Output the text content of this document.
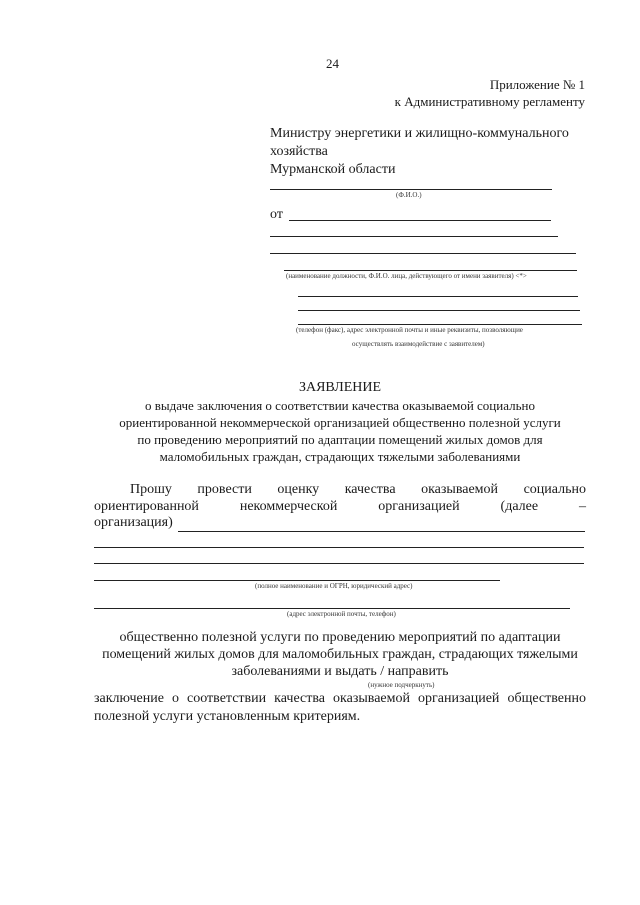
24
Приложение № 1
к Административному регламенту
Министру энергетики и жилищно-коммунального
хозяйства
Мурманской области
(Ф.И.О.)
от
(наименование должности, Ф.И.О. лица, действующего от имени заявителя) <*>
(телефон (факс), адрес электронной почты и иные реквизиты, позволяющие
осуществлять взаимодействие с заявителем)
ЗАЯВЛЕНИЕ
о выдаче заключения о соответствии качества оказываемой социально
ориентированной некоммерческой организацией общественно полезной услуги
по проведению мероприятий по адаптации помещений жилых домов для
маломобильных граждан, страдающих тяжелыми заболеваниями
Прошу провести оценку качества оказываемой социально
ориентированной	некоммерческой	организацией	(далее	–
организация)
(полное наименование и ОГРН, юридический адрес)
(адрес электронной почты, телефон)
общественно полезной услуги по проведению мероприятий по адаптации
помещений жилых домов для маломобильных граждан, страдающих тяжелыми
заболеваниями и выдать / направить
(нужное подчеркнуть)
заключение о соответствии качества оказываемой организацией общественно
полезной услуги установленным критериям.
